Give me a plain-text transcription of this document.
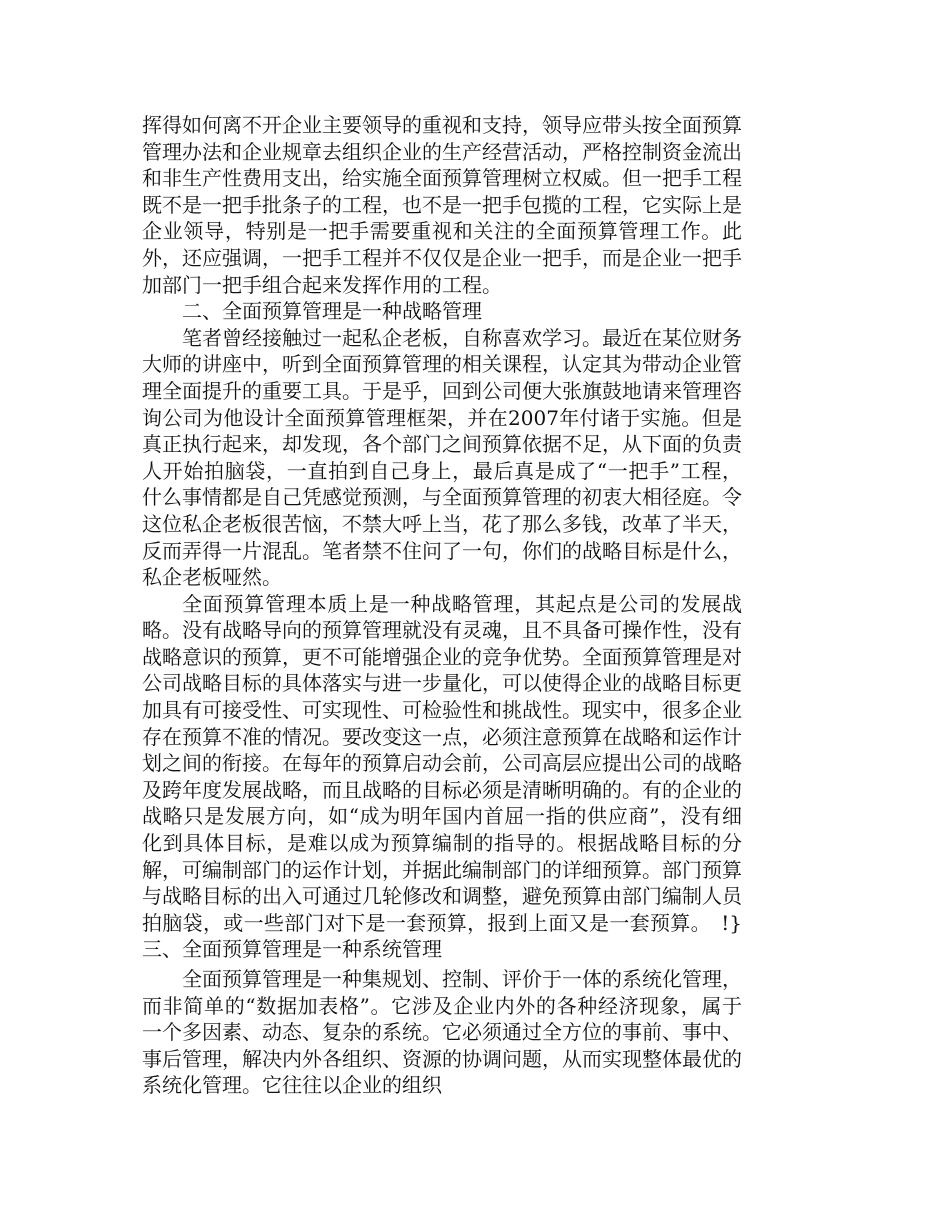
挥得如何离不开企业主要领导的重视和支持，领导应带头按全面预算管理办法和企业规章去组织企业的生产经营活动，严格控制资金流出和非生产性费用支出，给实施全面预算管理树立权威。但一把手工程既不是一把手批条子的工程，也不是一把手包揽的工程，它实际上是企业领导，特别是一把手需要重视和关注的全面预算管理工作。此外，还应强调，一把手工程并不仅仅是企业一把手，而是企业一把手加部门一把手组合起来发挥作用的工程。

二、全面预算管理是一种战略管理

笔者曾经接触过一起私企老板，自称喜欢学习。最近在某位财务大师的讲座中，听到全面预算管理的相关课程，认定其为带动企业管理全面提升的重要工具。于是乎，回到公司便大张旗鼓地请来管理咨询公司为他设计全面预算管理框架，并在2007年付诸于实施。但是真正执行起来，却发现，各个部门之间预算依据不足，从下面的负责人开始拍脑袋，一直拍到自己身上，最后真是成了“一把手”工程，什么事情都是自己凭感觉预测，与全面预算管理的初衷大相径庭。令这位私企老板很苦恼，不禁大呼上当，花了那么多钱，改革了半天，反而弄得一片混乱。笔者禁不住问了一句，你们的战略目标是什么，私企老板哑然。

全面预算管理本质上是一种战略管理，其起点是公司的发展战略。没有战略导向的预算管理就没有灵魂，且不具备可操作性，没有战略意识的预算，更不可能增强企业的竞争优势。全面预算管理是对公司战略目标的具体落实与进一步量化，可以使得企业的战略目标更加具有可接受性、可实现性、可检验性和挑战性。现实中，很多企业存在预算不准的情况。要改变这一点，必须注意预算在战略和运作计划之间的衔接。在每年的预算启动会前，公司高层应提出公司的战略及跨年度发展战略，而且战略的目标必须是清晰明确的。有的企业的战略只是发展方向，如“成为明年国内首屈一指的供应商”，没有细化到具体目标，是难以成为预算编制的指导的。根据战略目标的分解，可编制部门的运作计划，并据此编制部门的详细预算。部门预算与战略目标的出入可通过几轮修改和调整，避免预算由部门编制人员拍脑袋，或一些部门对下是一套预算，报到上面又是一套预算。　!}三、全面预算管理是一种系统管理

全面预算管理是一种集规划、控制、评价于一体的系统化管理，而非简单的“数据加表格”。它涉及企业内外的各种经济现象，属于一个多因素、动态、复杂的系统。它必须通过全方位的事前、事中、事后管理，解决内外各组织、资源的协调问题，从而实现整体最优的系统化管理。它往往以企业的组织
